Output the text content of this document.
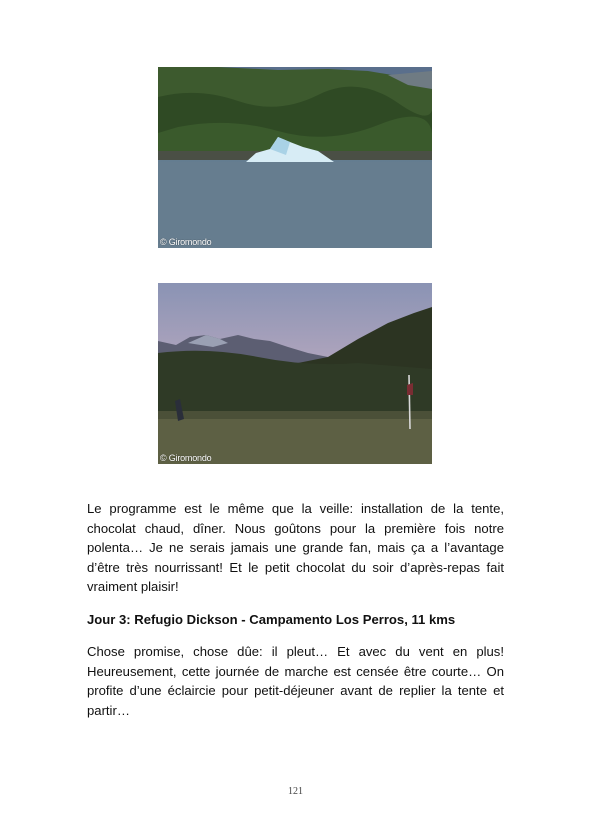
© Giromondo
© Giromondo

Le programme est le même que la veille: installation de la tente, chocolat chaud, dîner. Nous goûtons pour la première fois notre polenta… Je ne serais jamais une grande fan, mais ça a l’avantage d’être très nourrissant! Et le petit chocolat du soir d’après-repas fait vraiment plaisir!

Jour 3: Refugio Dickson - Campamento Los Perros, 11 kms

Chose promise, chose dûe: il pleut… Et avec du vent en plus! Heureusement, cette journée de marche est censée être courte… On profite d’une éclaircie pour petit-déjeuner avant de replier la tente et partir…

121
